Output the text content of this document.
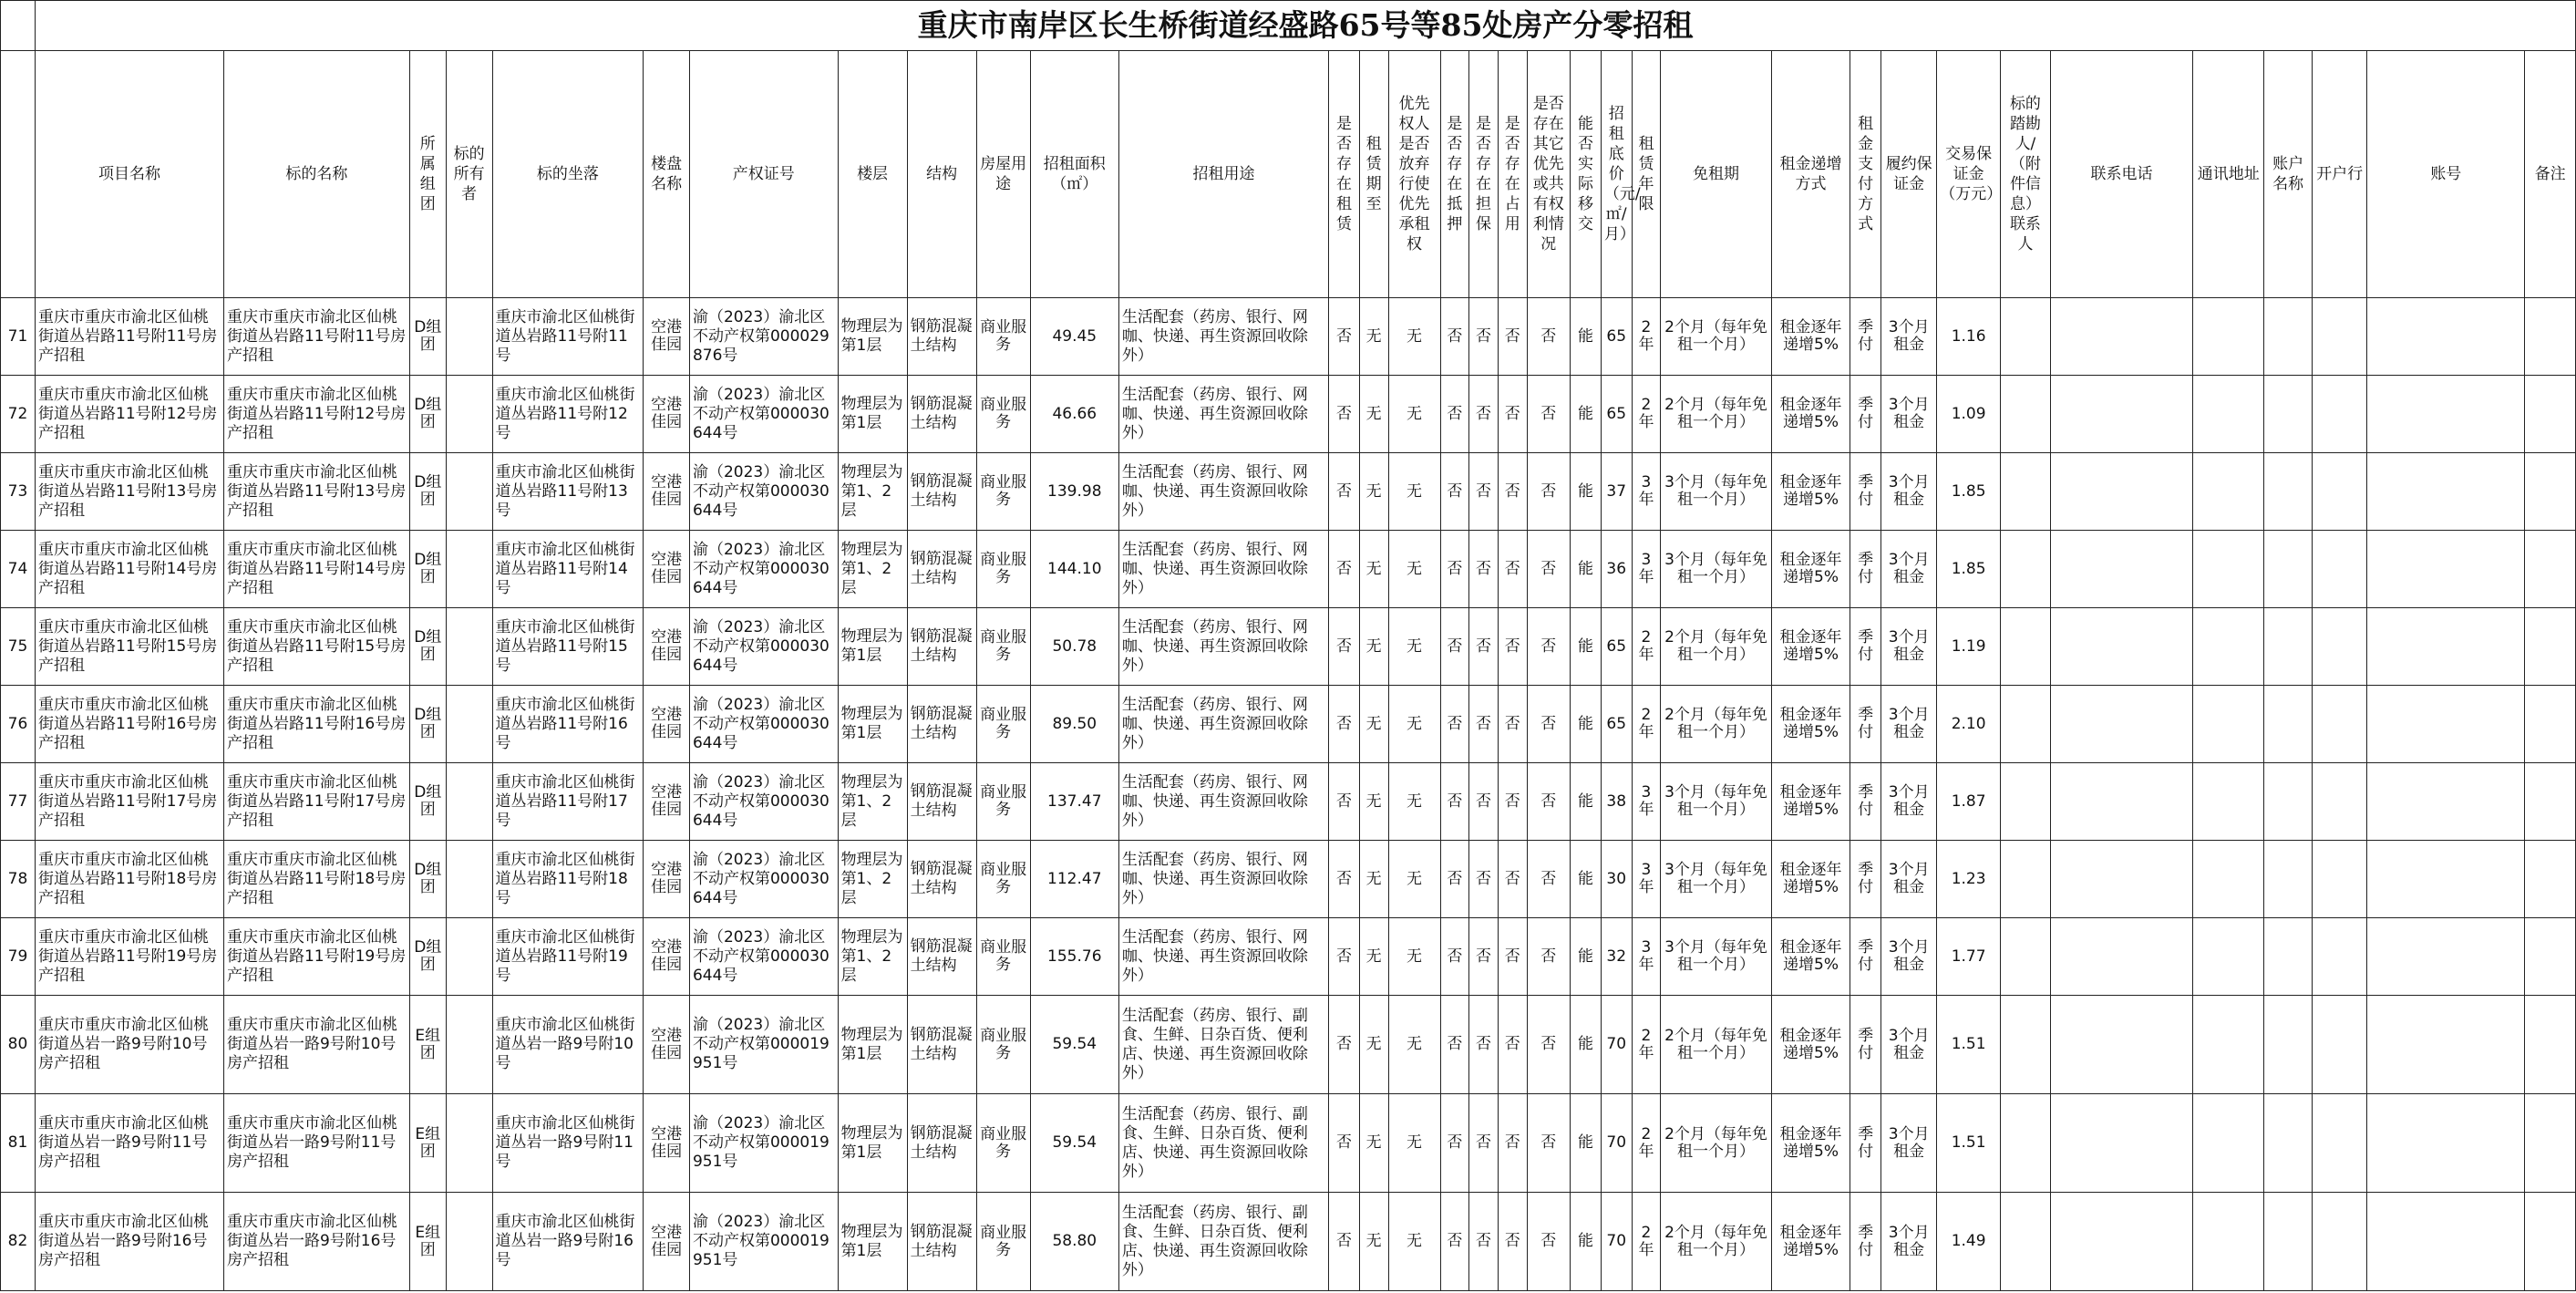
	重庆市南岸区长生桥街道经盛路65号等85处房产分零招租																																	
	项目名称	标的名称	所属组团	标的所有者	标的坐落	楼盘名称	产权证号	楼层	结构	房屋用途	招租面积（㎡）	招租用途	是否存在租赁	租赁期至	优先权人是否放弃行使优先承租权	是否存在抵押	是否存在担保	是否存在占用	是否存在其它优先或共有权利情况	能否实际移交	招租底价（元/㎡/月）	租赁年限	免租期	租金递增方式	租金支付方式	履约保证金	交易保证金（万元）	标的踏勘人/（附件信息）联系人	联系电话	通讯地址	账户名称	开户行	账号	备注
71	重庆市重庆市渝北区仙桃街道丛岩路11号附11号房产招租	重庆市重庆市渝北区仙桃街道丛岩路11号附11号房产招租	D组团		重庆市渝北区仙桃街道丛岩路11号附11号	空港佳园	渝（2023）渝北区不动产权第000029876号	物理层为第1层	钢筋混凝土结构	商业服务	49.45	生活配套（药房、银行、网咖、快递、再生资源回收除外）	否	无	无	否	否	否	否	能	65	2年	2个月（每年免租一个月）	租金逐年递增5%	季付	3个月租金	1.16							
72	重庆市重庆市渝北区仙桃街道丛岩路11号附12号房产招租	重庆市重庆市渝北区仙桃街道丛岩路11号附12号房产招租	D组团		重庆市渝北区仙桃街道丛岩路11号附12号	空港佳园	渝（2023）渝北区不动产权第000030644号	物理层为第1层	钢筋混凝土结构	商业服务	46.66	生活配套（药房、银行、网咖、快递、再生资源回收除外）	否	无	无	否	否	否	否	能	65	2年	2个月（每年免租一个月）	租金逐年递增5%	季付	3个月租金	1.09							
73	重庆市重庆市渝北区仙桃街道丛岩路11号附13号房产招租	重庆市重庆市渝北区仙桃街道丛岩路11号附13号房产招租	D组团		重庆市渝北区仙桃街道丛岩路11号附13号	空港佳园	渝（2023）渝北区不动产权第000030644号	物理层为第1、2层	钢筋混凝土结构	商业服务	139.98	生活配套（药房、银行、网咖、快递、再生资源回收除外）	否	无	无	否	否	否	否	能	37	3年	3个月（每年免租一个月）	租金逐年递增5%	季付	3个月租金	1.85							
74	重庆市重庆市渝北区仙桃街道丛岩路11号附14号房产招租	重庆市重庆市渝北区仙桃街道丛岩路11号附14号房产招租	D组团		重庆市渝北区仙桃街道丛岩路11号附14号	空港佳园	渝（2023）渝北区不动产权第000030644号	物理层为第1、2层	钢筋混凝土结构	商业服务	144.10	生活配套（药房、银行、网咖、快递、再生资源回收除外）	否	无	无	否	否	否	否	能	36	3年	3个月（每年免租一个月）	租金逐年递增5%	季付	3个月租金	1.85							
75	重庆市重庆市渝北区仙桃街道丛岩路11号附15号房产招租	重庆市重庆市渝北区仙桃街道丛岩路11号附15号房产招租	D组团		重庆市渝北区仙桃街道丛岩路11号附15号	空港佳园	渝（2023）渝北区不动产权第000030644号	物理层为第1层	钢筋混凝土结构	商业服务	50.78	生活配套（药房、银行、网咖、快递、再生资源回收除外）	否	无	无	否	否	否	否	能	65	2年	2个月（每年免租一个月）	租金逐年递增5%	季付	3个月租金	1.19							
76	重庆市重庆市渝北区仙桃街道丛岩路11号附16号房产招租	重庆市重庆市渝北区仙桃街道丛岩路11号附16号房产招租	D组团		重庆市渝北区仙桃街道丛岩路11号附16号	空港佳园	渝（2023）渝北区不动产权第000030644号	物理层为第1层	钢筋混凝土结构	商业服务	89.50	生活配套（药房、银行、网咖、快递、再生资源回收除外）	否	无	无	否	否	否	否	能	65	2年	2个月（每年免租一个月）	租金逐年递增5%	季付	3个月租金	2.10							
77	重庆市重庆市渝北区仙桃街道丛岩路11号附17号房产招租	重庆市重庆市渝北区仙桃街道丛岩路11号附17号房产招租	D组团		重庆市渝北区仙桃街道丛岩路11号附17号	空港佳园	渝（2023）渝北区不动产权第000030644号	物理层为第1、2层	钢筋混凝土结构	商业服务	137.47	生活配套（药房、银行、网咖、快递、再生资源回收除外）	否	无	无	否	否	否	否	能	38	3年	3个月（每年免租一个月）	租金逐年递增5%	季付	3个月租金	1.87							
78	重庆市重庆市渝北区仙桃街道丛岩路11号附18号房产招租	重庆市重庆市渝北区仙桃街道丛岩路11号附18号房产招租	D组团		重庆市渝北区仙桃街道丛岩路11号附18号	空港佳园	渝（2023）渝北区不动产权第000030644号	物理层为第1、2层	钢筋混凝土结构	商业服务	112.47	生活配套（药房、银行、网咖、快递、再生资源回收除外）	否	无	无	否	否	否	否	能	30	3年	3个月（每年免租一个月）	租金逐年递增5%	季付	3个月租金	1.23							
79	重庆市重庆市渝北区仙桃街道丛岩路11号附19号房产招租	重庆市重庆市渝北区仙桃街道丛岩路11号附19号房产招租	D组团		重庆市渝北区仙桃街道丛岩路11号附19号	空港佳园	渝（2023）渝北区不动产权第000030644号	物理层为第1、2层	钢筋混凝土结构	商业服务	155.76	生活配套（药房、银行、网咖、快递、再生资源回收除外）	否	无	无	否	否	否	否	能	32	3年	3个月（每年免租一个月）	租金逐年递增5%	季付	3个月租金	1.77							
80	重庆市重庆市渝北区仙桃街道丛岩一路9号附10号房产招租	重庆市重庆市渝北区仙桃街道丛岩一路9号附10号房产招租	E组团		重庆市渝北区仙桃街道丛岩一路9号附10号	空港佳园	渝（2023）渝北区不动产权第000019951号	物理层为第1层	钢筋混凝土结构	商业服务	59.54	生活配套（药房、银行、副食、生鲜、日杂百货、便利店、快递、再生资源回收除外）	否	无	无	否	否	否	否	能	70	2年	2个月（每年免租一个月）	租金逐年递增5%	季付	3个月租金	1.51							
81	重庆市重庆市渝北区仙桃街道丛岩一路9号附11号房产招租	重庆市重庆市渝北区仙桃街道丛岩一路9号附11号房产招租	E组团		重庆市渝北区仙桃街道丛岩一路9号附11号	空港佳园	渝（2023）渝北区不动产权第000019951号	物理层为第1层	钢筋混凝土结构	商业服务	59.54	生活配套（药房、银行、副食、生鲜、日杂百货、便利店、快递、再生资源回收除外）	否	无	无	否	否	否	否	能	70	2年	2个月（每年免租一个月）	租金逐年递增5%	季付	3个月租金	1.51							
82	重庆市重庆市渝北区仙桃街道丛岩一路9号附16号房产招租	重庆市重庆市渝北区仙桃街道丛岩一路9号附16号房产招租	E组团		重庆市渝北区仙桃街道丛岩一路9号附16号	空港佳园	渝（2023）渝北区不动产权第000019951号	物理层为第1层	钢筋混凝土结构	商业服务	58.80	生活配套（药房、银行、副食、生鲜、日杂百货、便利店、快递、再生资源回收除外）	否	无	无	否	否	否	否	能	70	2年	2个月（每年免租一个月）	租金逐年递增5%	季付	3个月租金	1.49							
